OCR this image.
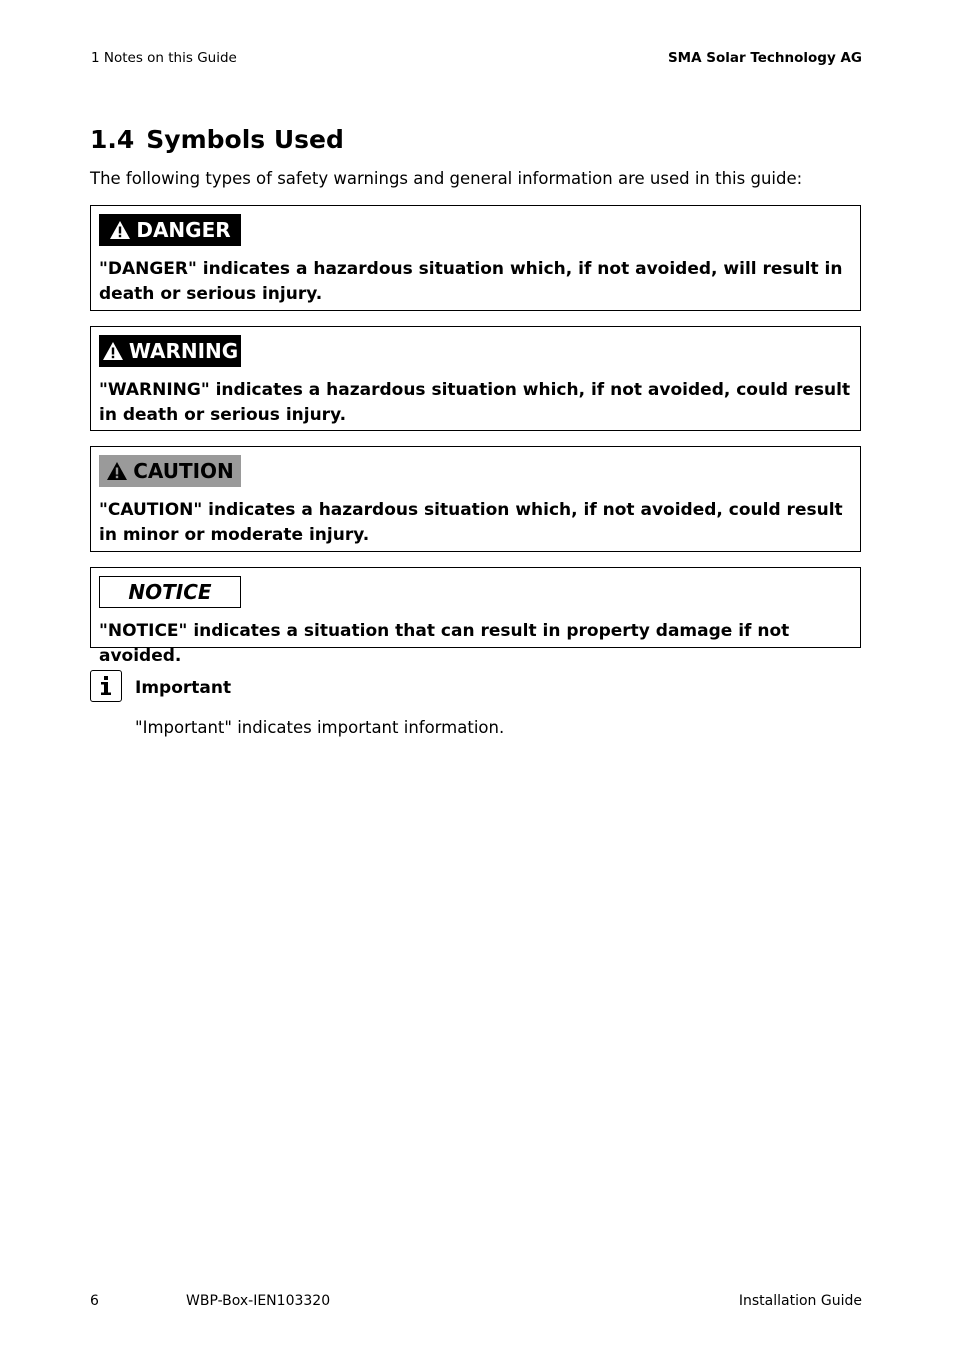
1 Notes on this Guide	SMA Solar Technology AG
1.4 Symbols Used
The following types of safety warnings and general information are used in this guide:
DANGER
"DANGER" indicates a hazardous situation which, if not avoided, will result in death or serious injury.
WARNING
"WARNING" indicates a hazardous situation which, if not avoided, could result in death or serious injury.
CAUTION
"CAUTION" indicates a hazardous situation which, if not avoided, could result in minor or moderate injury.
NOTICE
"NOTICE" indicates a situation that can result in property damage if not avoided.
Important
"Important" indicates important information.
6	WBP-Box-IEN103320	Installation Guide
